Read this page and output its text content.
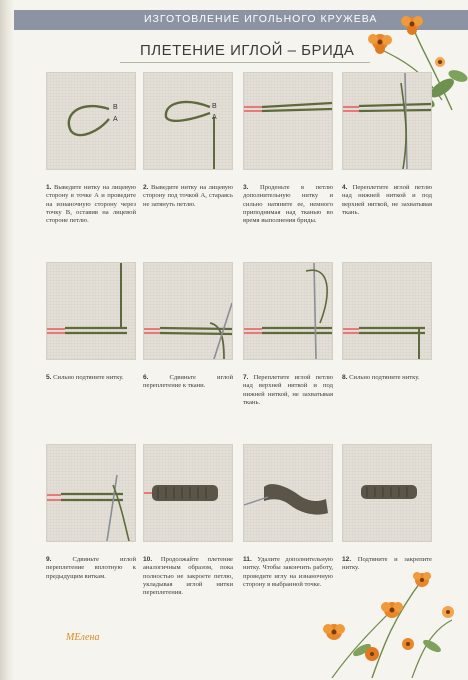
ИЗГОТОВЛЕНИЕ ИГОЛЬНОГО КРУЖЕВА
ПЛЕТЕНИЕ ИГЛОЙ – БРИДА
B
A
1. Выведите нитку на лицевую сторону в точке А и проведите на изнаночную сторону через точку В, оставив на лицевой стороне петлю.
B
A
2. Выведите нитку на лицевую сторону под точкой А, стараясь не затянуть петлю.
3. Проденьте в петлю дополнительную нитку и сильно натяните ее, немного приподнимая над тканью во время выполнения бриды.
4. Переплетите иглой петлю над нижней ниткой и под верхней ниткой, не захватывая ткань.
5. Сильно подтяните нитку.	6.	Сдвиньте иглой переплетение к ткани.
7. Переплетите иглой петлю над верхней ниткой и под нижней ниткой, не захватывая ткань.
8. Сильно подтяните нитку.
9.	Сдвиньте иглой переплетение вплотную к предыдущим виткам.
10. Продолжайте плетение аналогичным образом, пока полностью не закроете петлю, укладывая иглой нитки переплетения.
11. Удалите дополнительную нитку. Чтобы закончить работу, проведите иглу на изнаночную сторону в выбранной точке.
12. Подтяните и закрепите нитку.
МЕлена
